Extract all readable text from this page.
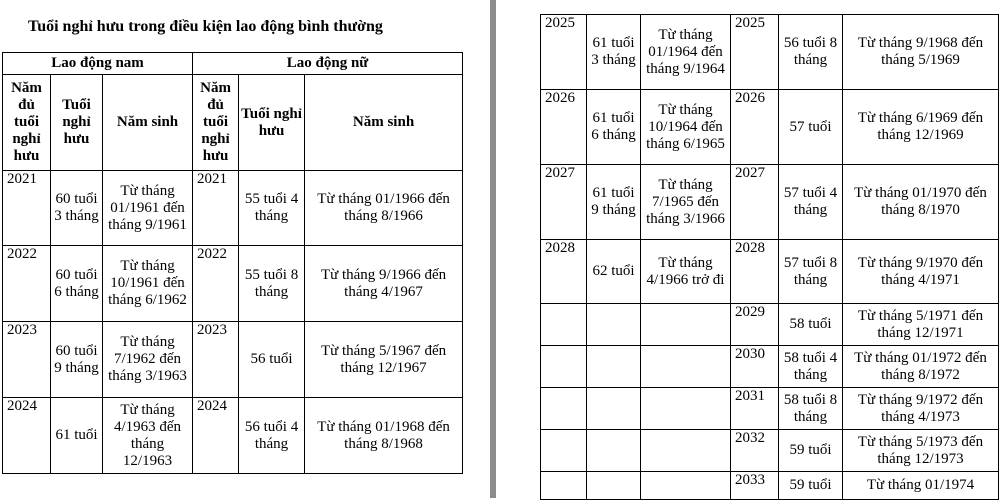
Tuổi nghỉ hưu trong điều kiện lao động bình thường
Lao động nam			Lao động nữ		
Năm đủ tuổi nghỉ hưu	Tuổi nghỉ hưu	Năm sinh	Năm đủ tuổi nghỉ hưu	Tuổi nghỉ hưu	Năm sinh
2021	60 tuổi 3 tháng	Từ tháng 01/1961 đến tháng 9/1961	2021	55 tuổi 4 tháng	Từ tháng 01/1966 đến tháng 8/1966
2022	60 tuổi 6 tháng	Từ tháng 10/1961 đến tháng 6/1962	2022	55 tuổi 8 tháng	Từ tháng 9/1966 đến tháng 4/1967
2023	60 tuổi 9 tháng	Từ tháng 7/1962 đến tháng 3/1963	2023	56 tuổi	Từ tháng 5/1967 đến tháng 12/1967
2024	61 tuổi	Từ tháng 4/1963 đến tháng 12/1963	2024	56 tuổi 4 tháng	Từ tháng 01/1968 đến tháng 8/1968
2025	61 tuổi 3 tháng	Từ tháng 01/1964 đến tháng 9/1964	2025	56 tuổi 8 tháng	Từ tháng 9/1968 đến tháng 5/1969
2026	61 tuổi 6 tháng	Từ tháng 10/1964 đến tháng 6/1965	2026	57 tuổi	Từ tháng 6/1969 đến tháng 12/1969
2027	61 tuổi 9 tháng	Từ tháng 7/1965 đến tháng 3/1966	2027	57 tuổi 4 tháng	Từ tháng 01/1970 đến tháng 8/1970
2028	62 tuổi	Từ tháng 4/1966 trở đi	2028	57 tuổi 8 tháng	Từ tháng 9/1970 đến tháng 4/1971
			2029	58 tuổi	Từ tháng 5/1971 đến tháng 12/1971
			2030	58 tuổi 4 tháng	Từ tháng 01/1972 đến tháng 8/1972
			2031	58 tuổi 8 tháng	Từ tháng 9/1972 đến tháng 4/1973
			2032	59 tuổi	Từ tháng 5/1973 đến tháng 12/1973
			2033	59 tuổi	Từ tháng 01/1974
